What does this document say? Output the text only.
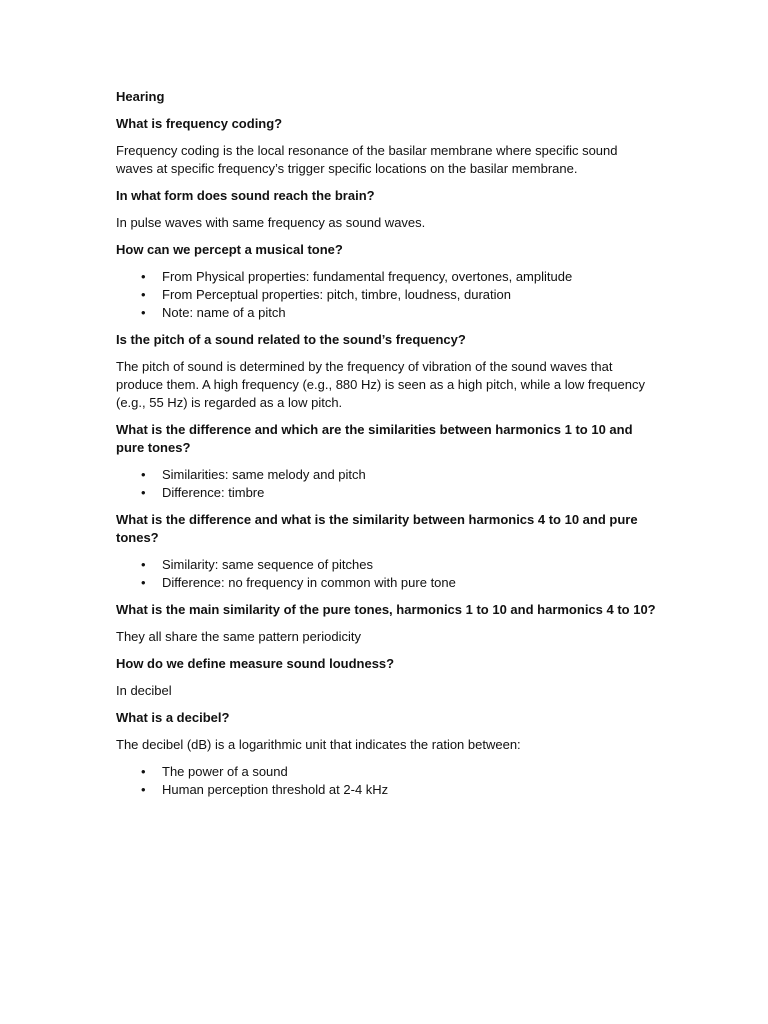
Hearing

What is frequency coding?

Frequency coding is the local resonance of the basilar membrane where specific sound waves at specific frequency’s trigger specific locations on the basilar membrane.

In what form does sound reach the brain?

In pulse waves with same frequency as sound waves.

How can we percept a musical tone?

• From Physical properties: fundamental frequency, overtones, amplitude
• From Perceptual properties: pitch, timbre, loudness, duration
• Note: name of a pitch

Is the pitch of a sound related to the sound’s frequency?

The pitch of sound is determined by the frequency of vibration of the sound waves that produce them. A high frequency (e.g., 880 Hz) is seen as a high pitch, while a low frequency (e.g., 55 Hz) is regarded as a low pitch.

What is the difference and which are the similarities between harmonics 1 to 10 and pure tones?

• Similarities: same melody and pitch
• Difference: timbre

What is the difference and what is the similarity between harmonics 4 to 10 and pure tones?

• Similarity: same sequence of pitches
• Difference: no frequency in common with pure tone

What is the main similarity of the pure tones, harmonics 1 to 10 and harmonics 4 to 10?

They all share the same pattern periodicity

How do we define measure sound loudness?

In decibel

What is a decibel?

The decibel (dB) is a logarithmic unit that indicates the ration between:

• The power of a sound
• Human perception threshold at 2-4 kHz
